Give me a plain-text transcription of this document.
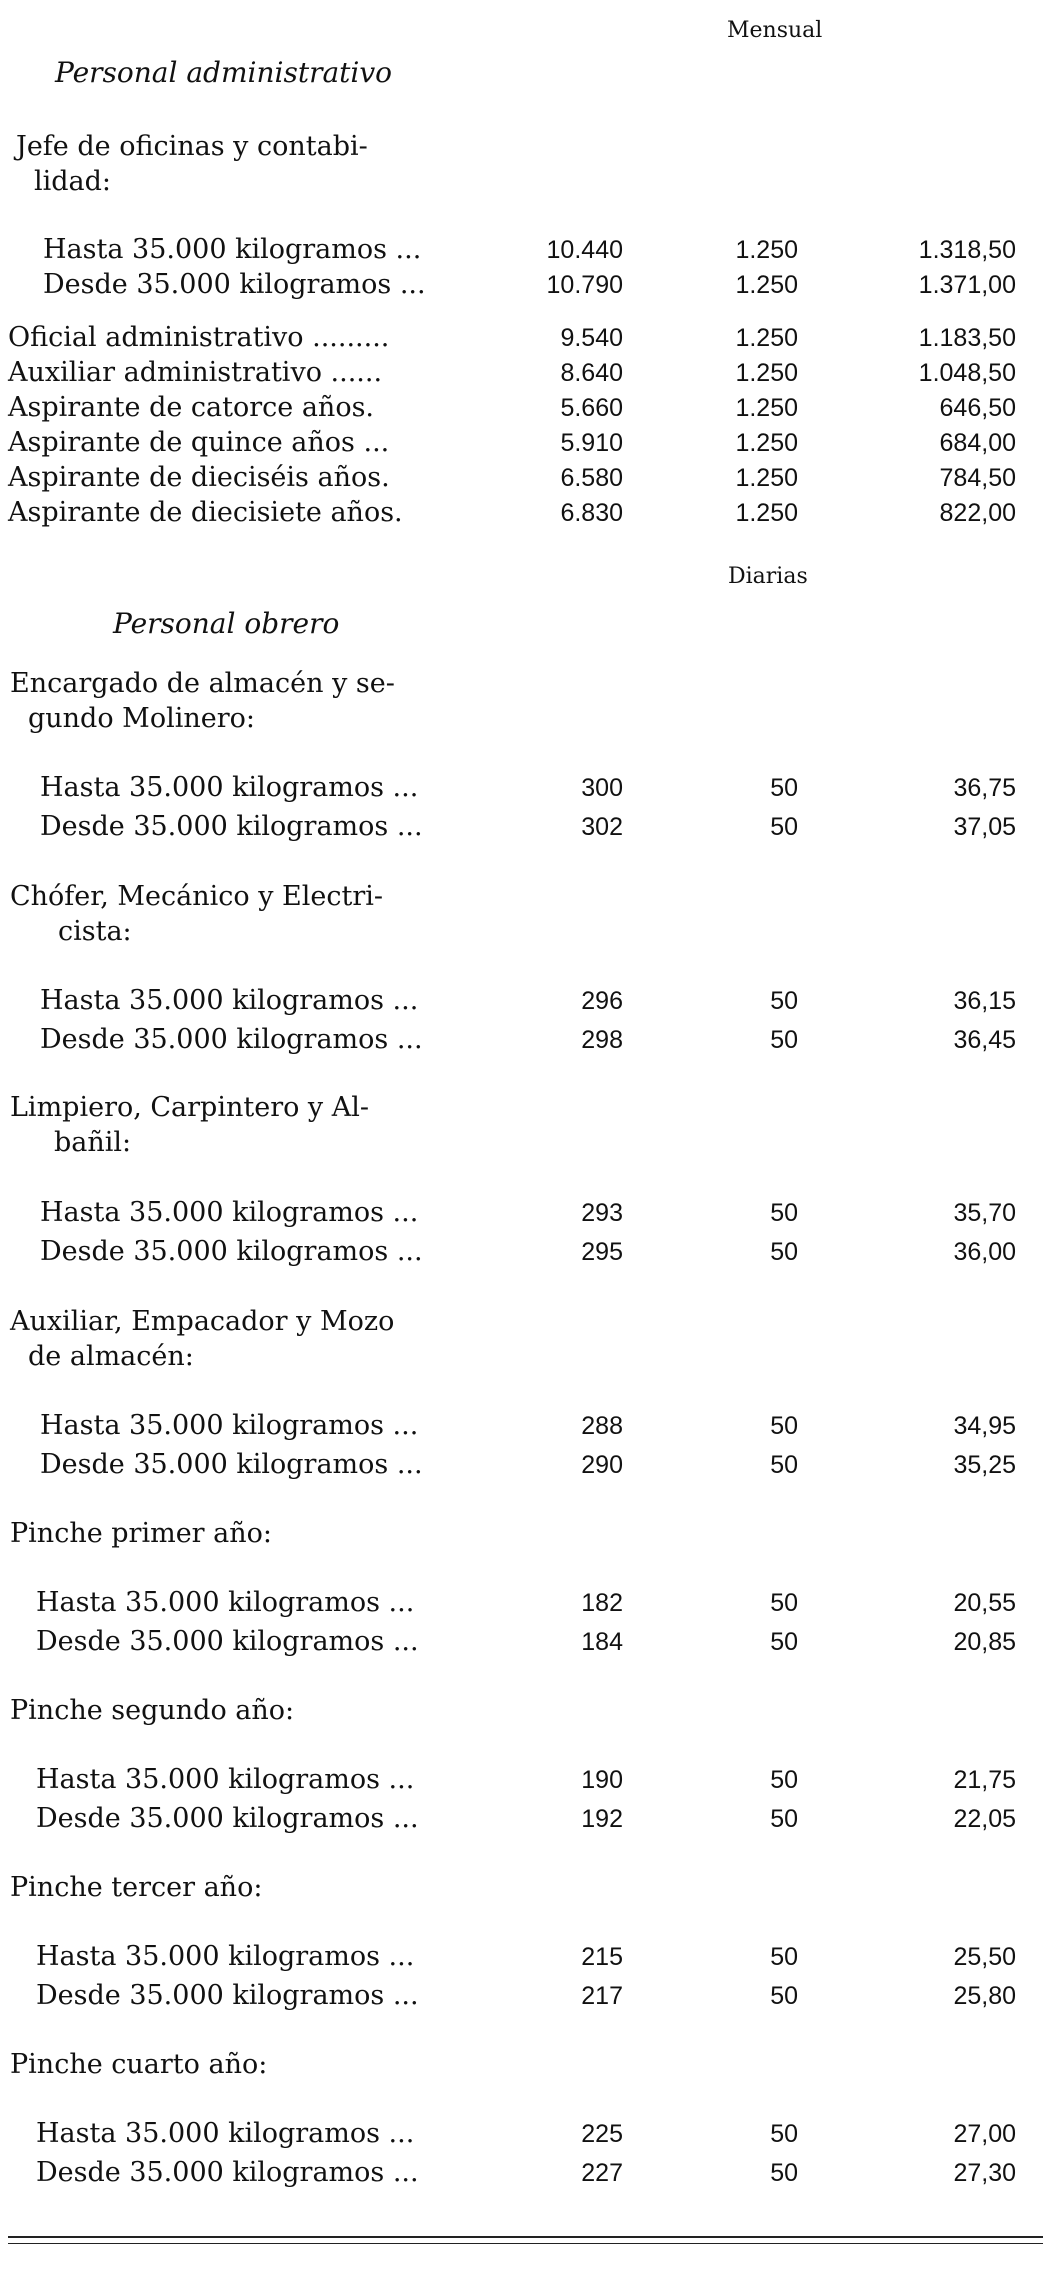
Mensual
Personal administrativo
Jefe de oficinas y contabi-
lidad:
Hasta 35.000 kilogramos ...	10.440	1.250	1.318,50
Desde 35.000 kilogramos ...	10.790	1.250	1.371,00
Oficial administrativo .........	9.540	1.250	1.183,50
Auxiliar administrativo ......	8.640	1.250	1.048,50
Aspirante de catorce años.	5.660	1.250	646,50
Aspirante de quince años ...	5.910	1.250	684,00
Aspirante de dieciséis años.	6.580	1.250	784,50
Aspirante de diecisiete años.	6.830	1.250	822,00
Diarias
Personal obrero
Encargado de almacén y se-
gundo Molinero:
Hasta 35.000 kilogramos ...	300	50	36,75
Desde 35.000 kilogramos ...	302	50	37,05
Chófer, Mecánico y Electri-
cista:
Hasta 35.000 kilogramos ...	296	50	36,15
Desde 35.000 kilogramos ...	298	50	36,45
Limpiero, Carpintero y Al-
bañil:
Hasta 35.000 kilogramos ...	293	50	35,70
Desde 35.000 kilogramos ...	295	50	36,00
Auxiliar, Empacador y Mozo
de almacén:
Hasta 35.000 kilogramos ...	288	50	34,95
Desde 35.000 kilogramos ...	290	50	35,25
Pinche primer año:
Hasta 35.000 kilogramos ...	182	50	20,55
Desde 35.000 kilogramos ...	184	50	20,85
Pinche segundo año:
Hasta 35.000 kilogramos ...	190	50	21,75
Desde 35.000 kilogramos ...	192	50	22,05
Pinche tercer año:
Hasta 35.000 kilogramos ...	215	50	25,50
Desde 35.000 kilogramos ...	217	50	25,80
Pinche cuarto año:
Hasta 35.000 kilogramos ...	225	50	27,00
Desde 35.000 kilogramos ...	227	50	27,30
